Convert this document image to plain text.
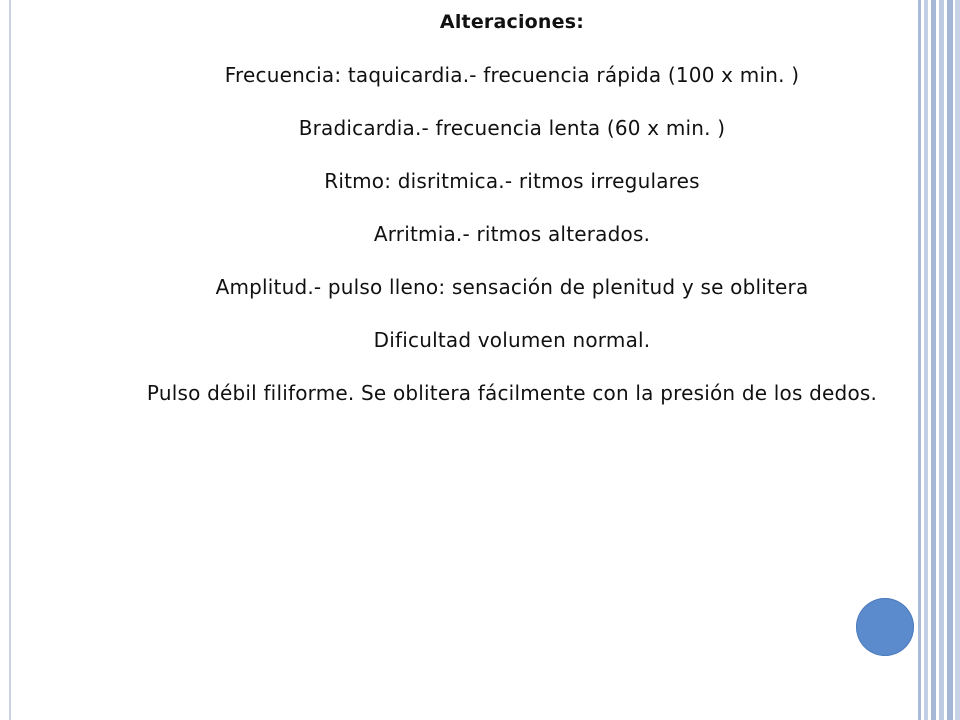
Alteraciones:

Frecuencia: taquicardia.- frecuencia rápida (100 x min. )

Bradicardia.- frecuencia lenta (60 x min. )

Ritmo: disritmica.- ritmos irregulares

Arritmia.- ritmos alterados.

Amplitud.- pulso lleno: sensación de plenitud y se oblitera

Dificultad volumen normal.

Pulso débil filiforme. Se oblitera fácilmente con la presión de los dedos.
